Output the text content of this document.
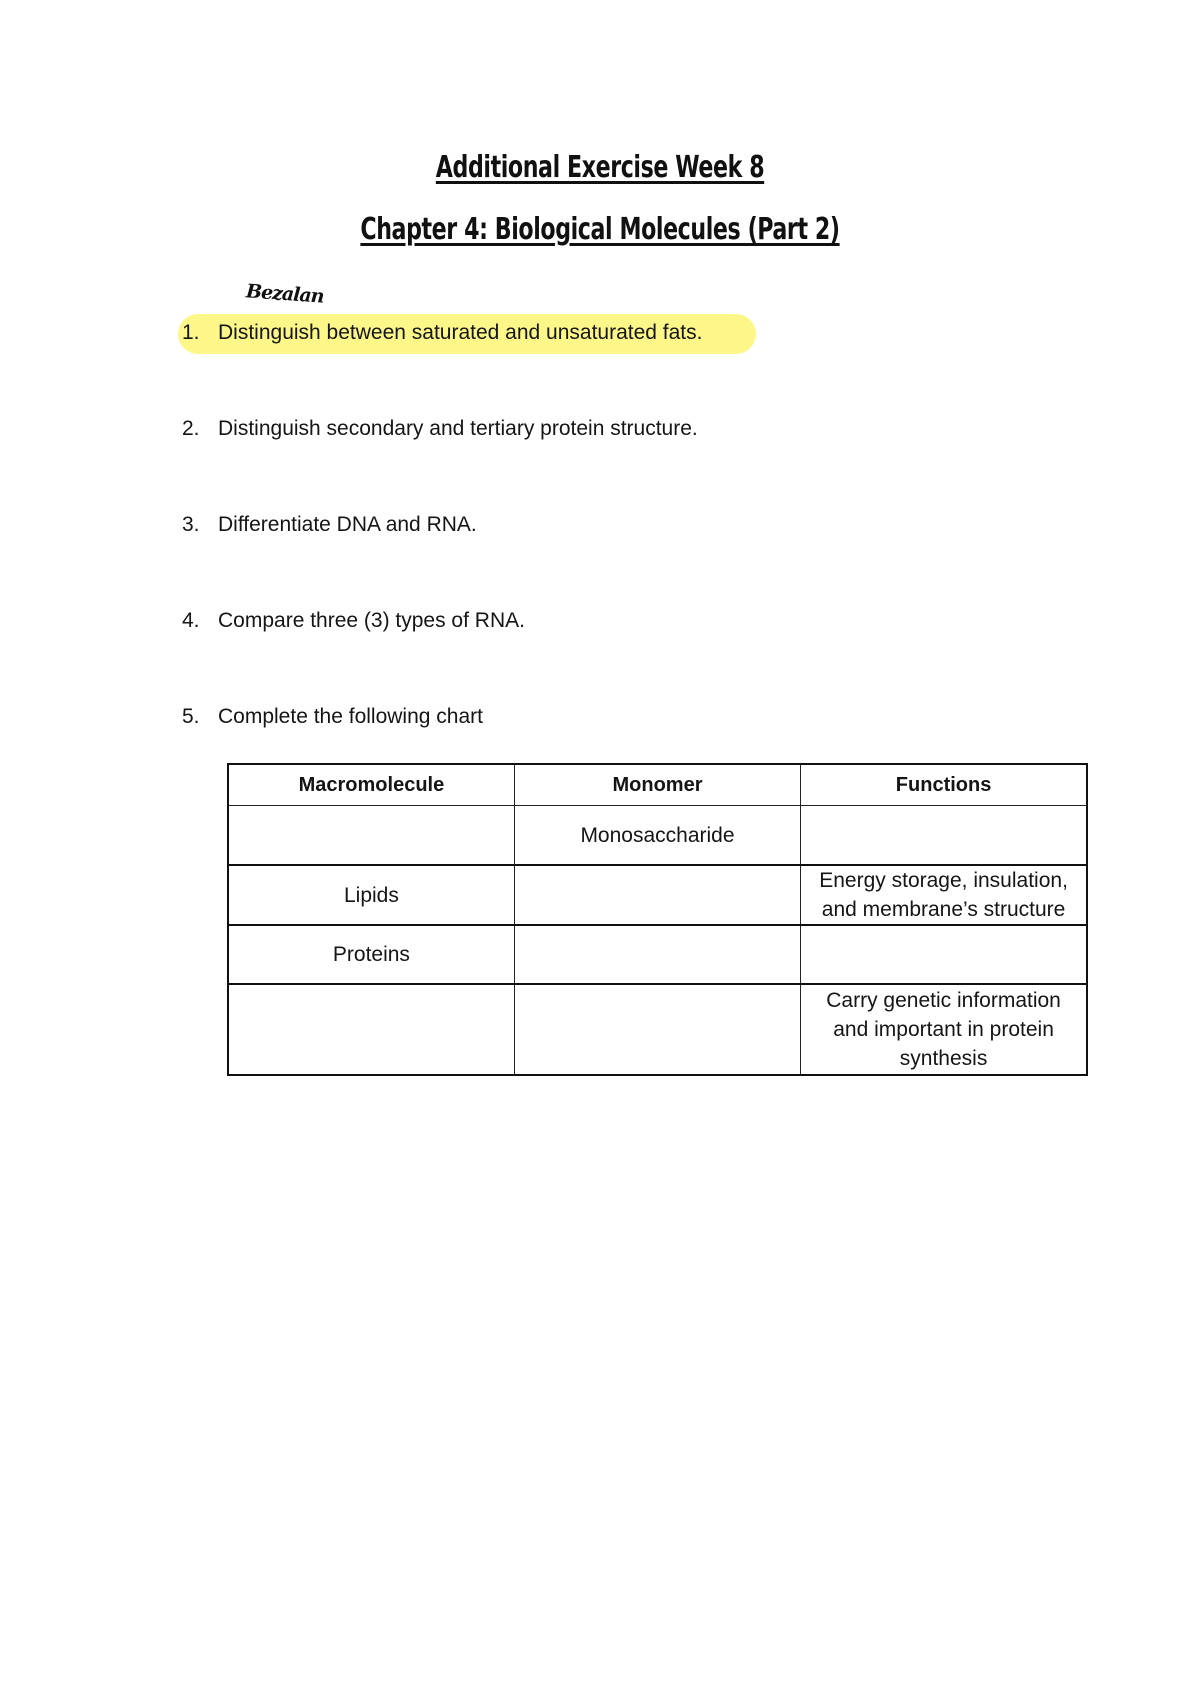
Additional Exercise Week 8
Chapter 4: Biological Molecules (Part 2)
Bezalan
1. Distinguish between saturated and unsaturated fats.
2. Distinguish secondary and tertiary protein structure.
3. Differentiate DNA and RNA.
4. Compare three (3) types of RNA.
5. Complete the following chart
Macromolecule	Monomer	Functions
	Monosaccharide	
Lipids		Energy storage, insulation, and membrane’s structure
Proteins		
		Carry genetic information and important in protein synthesis
